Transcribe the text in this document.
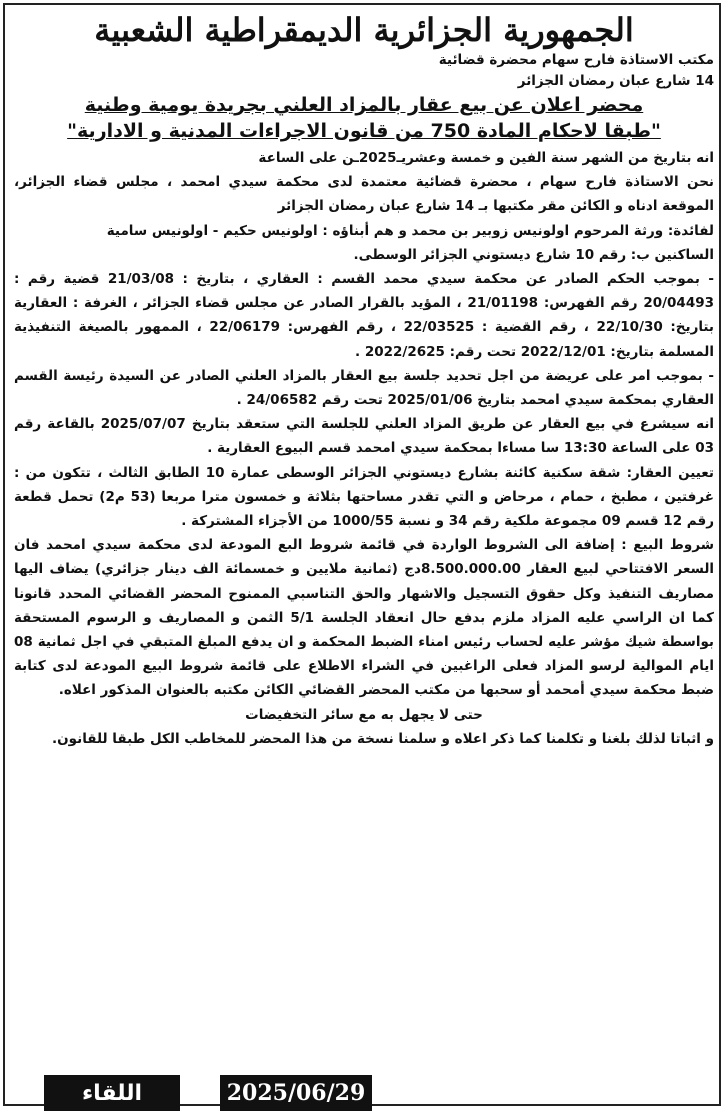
الجمهورية الجزائرية الديمقراطية الشعبية
مكتب الاستاذة فارح سهام محضرة قضائية
14 شارع عبان رمضان الجزائر
محضر اعلان عن بيع عقار بالمزاد العلني بجريدة يومية وطنية
"طبقا لاحكام المادة 750 من قانون الاجراءات المدنية و الادارية"

انه بتاريخ من الشهر سنة الفين و خمسة وعشريـ2025ـن على الساعة

نحن الاستاذة فارح سهام ، محضرة قضائية معتمدة لدى محكمة سيدي امحمد ، مجلس قضاء الجزائر، الموقعة ادناه و الكائن مقر مكتبها بـ 14 شارع عبان رمضان الجزائر

لفائدة: ورثة المرحوم اولونيس زوبير بن محمد و هم أبناؤه : اولونيس حكيم - اولونيس سامية

الساكنين ب: رقم 10 شارع ديستوني الجزائر الوسطى.

- بموجب الحكم الصادر عن محكمة سيدي محمد القسم : العقاري ، بتاريخ : 21/03/08 قضية رقم : 20/04493 رقم الفهرس: 21/01198 ، المؤيد بالقرار الصادر عن مجلس قضاء الجزائر ، الغرفة : العقارية بتاريخ: 22/10/30 ، رقم القضية : 22/03525 ، رقم الفهرس: 22/06179 ، الممهور بالصيغة التنفيذية المسلمة بتاريخ: 2022/12/01 تحت رقم: 2022/2625 .

- بموجب امر على عريضة من اجل تحديد جلسة بيع العقار بالمزاد العلني الصادر عن السيدة رئيسة القسم العقاري بمحكمة سيدي امحمد بتاريخ 2025/01/06 تحت رقم 24/06582 .

انه سيشرع في بيع العقار عن طريق المزاد العلني للجلسة التي ستعقد بتاريخ 2025/07/07 بالقاعة رقم 03 على الساعة 13:30 سا مساءا بمحكمة سيدي امحمد قسم البيوع العقارية .

تعيين العقار: شقة سكنية كائنة بشارع ديستوني الجزائر الوسطى عمارة 10 الطابق الثالث ، تتكون من : غرفتين ، مطبخ ، حمام ، مرحاض و التي تقدر مساحتها بثلاثة و خمسون مترا مربعا (53 م2) تحمل قطعة رقم 12 قسم 09 مجموعة ملكية رقم 34 و نسبة 1000/55 من الأجزاء المشتركة .

شروط البيع : إضافة الى الشروط الواردة في قائمة شروط البع المودعة لدى محكمة سيدي امحمد فان السعر الافتتاحي لبيع العقار 8.500.000.00دج (ثمانية ملايين و خمسمائة الف دينار جزائري) يضاف اليها مصاريف التنفيذ وكل حقوق التسجيل والاشهار والحق التناسبي الممنوح المحضر القضائي المحدد قانونا كما ان الراسي عليه المزاد ملزم بدفع حال انعقاد الجلسة 5/1 الثمن و المصاريف و الرسوم المستحقة بواسطة شيك مؤشر عليه لحساب رئيس امناء الضبط المحكمة و ان يدفع المبلغ المتبقي في اجل ثمانية 08 ايام الموالية لرسو المزاد فعلى الراغبين في الشراء الاطلاع على قائمة شروط البيع المودعة لدى كتابة ضبط محكمة سيدي أمحمد أو سحبها من مكتب المحضر القضائي الكائن مكتبه بالعنوان المذكور اعلاه.

حتى لا يجهل به مع سائر التخفيضات

و اثباتا لذلك بلغنا و تكلمنا كما ذكر اعلاه و سلمنا نسخة من هذا المحضر للمخاطب الكل طبقا للقانون.

اللقاء	2025/06/29
